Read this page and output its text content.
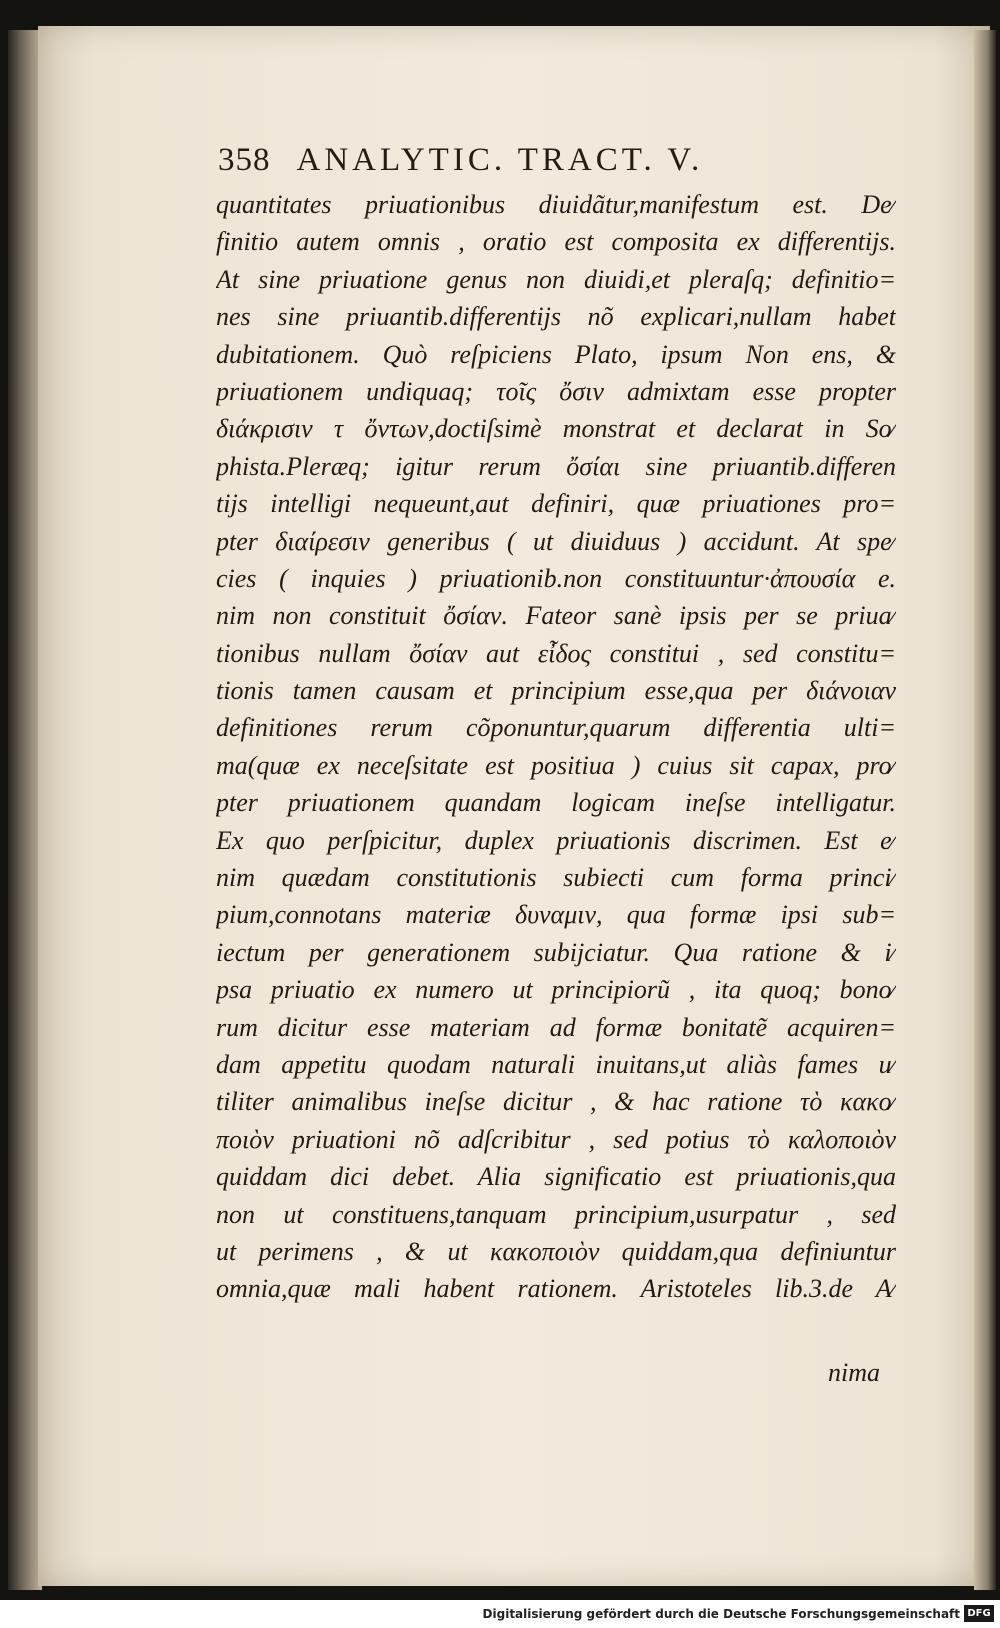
358 ANALYTIC. TRACT. V.
quantitates priuationibus diuidãtur,manifestum est. De⁄
finitio autem omnis , oratio est composita ex differentijs.
At sine priuatione genus non diuidi,et pleraſq; definitio=
nes sine priuantib.differentijs nõ explicari,nullam habet
dubitationem. Quò reſpiciens Plato, ipsum Non ens, &
priuationem undiquaq; τοῖς ὄσιν admixtam esse propter
διάκρισιν τ ὄντων,doctiſsimè monstrat et declarat in So⁄
phista.Pleræq; igitur rerum ὄσίαι sine priuantib.differen
tijs intelligi nequeunt,aut definiri, quæ priuationes pro=
pter διαίρεσιν generibus ( ut diuiduus ) accidunt. At spe⁄
cies ( inquies ) priuationib.non constituuntur·ἀπουσία e.
nim non constituit ὄσίαν. Fateor sanè ipsis per se priua⁄
tionibus nullam ὄσίαν aut εἶδος constitui , sed constitu=
tionis tamen causam et principium esse,qua per διάνοιαν
definitiones rerum cõponuntur,quarum differentia ulti=
ma(quæ ex neceſsitate est positiua ) cuius sit capax, pro⁄
pter priuationem quandam logicam ineſse intelligatur.
Ex quo perſpicitur, duplex priuationis discrimen. Est e⁄
nim quædam constitutionis subiecti cum forma princi⁄
pium,connotans materiæ δυναμιν, qua formæ ipsi sub=
iectum per generationem subijciatur. Qua ratione & i⁄
psa priuatio ex numero ut principiorũ , ita quoq; bono⁄
rum dicitur esse materiam ad formæ bonitatẽ acquiren=
dam appetitu quodam naturali inuitans,ut aliàs fames u⁄
tiliter animalibus ineſse dicitur , & hac ratione τὸ κακο⁄
ποιὸν priuationi nõ adſcribitur , sed potius τὸ καλοποιὸν
quiddam dici debet. Alia significatio est priuationis,qua
non ut constituens,tanquam principium,usurpatur , sed
ut perimens , & ut κακοποιὸν quiddam,qua definiuntur
omnia,quæ mali habent rationem. Aristoteles lib.3.de A⁄
nima
Digitalisierung gefördert durch die Deutsche Forschungsgemeinschaft DFG
